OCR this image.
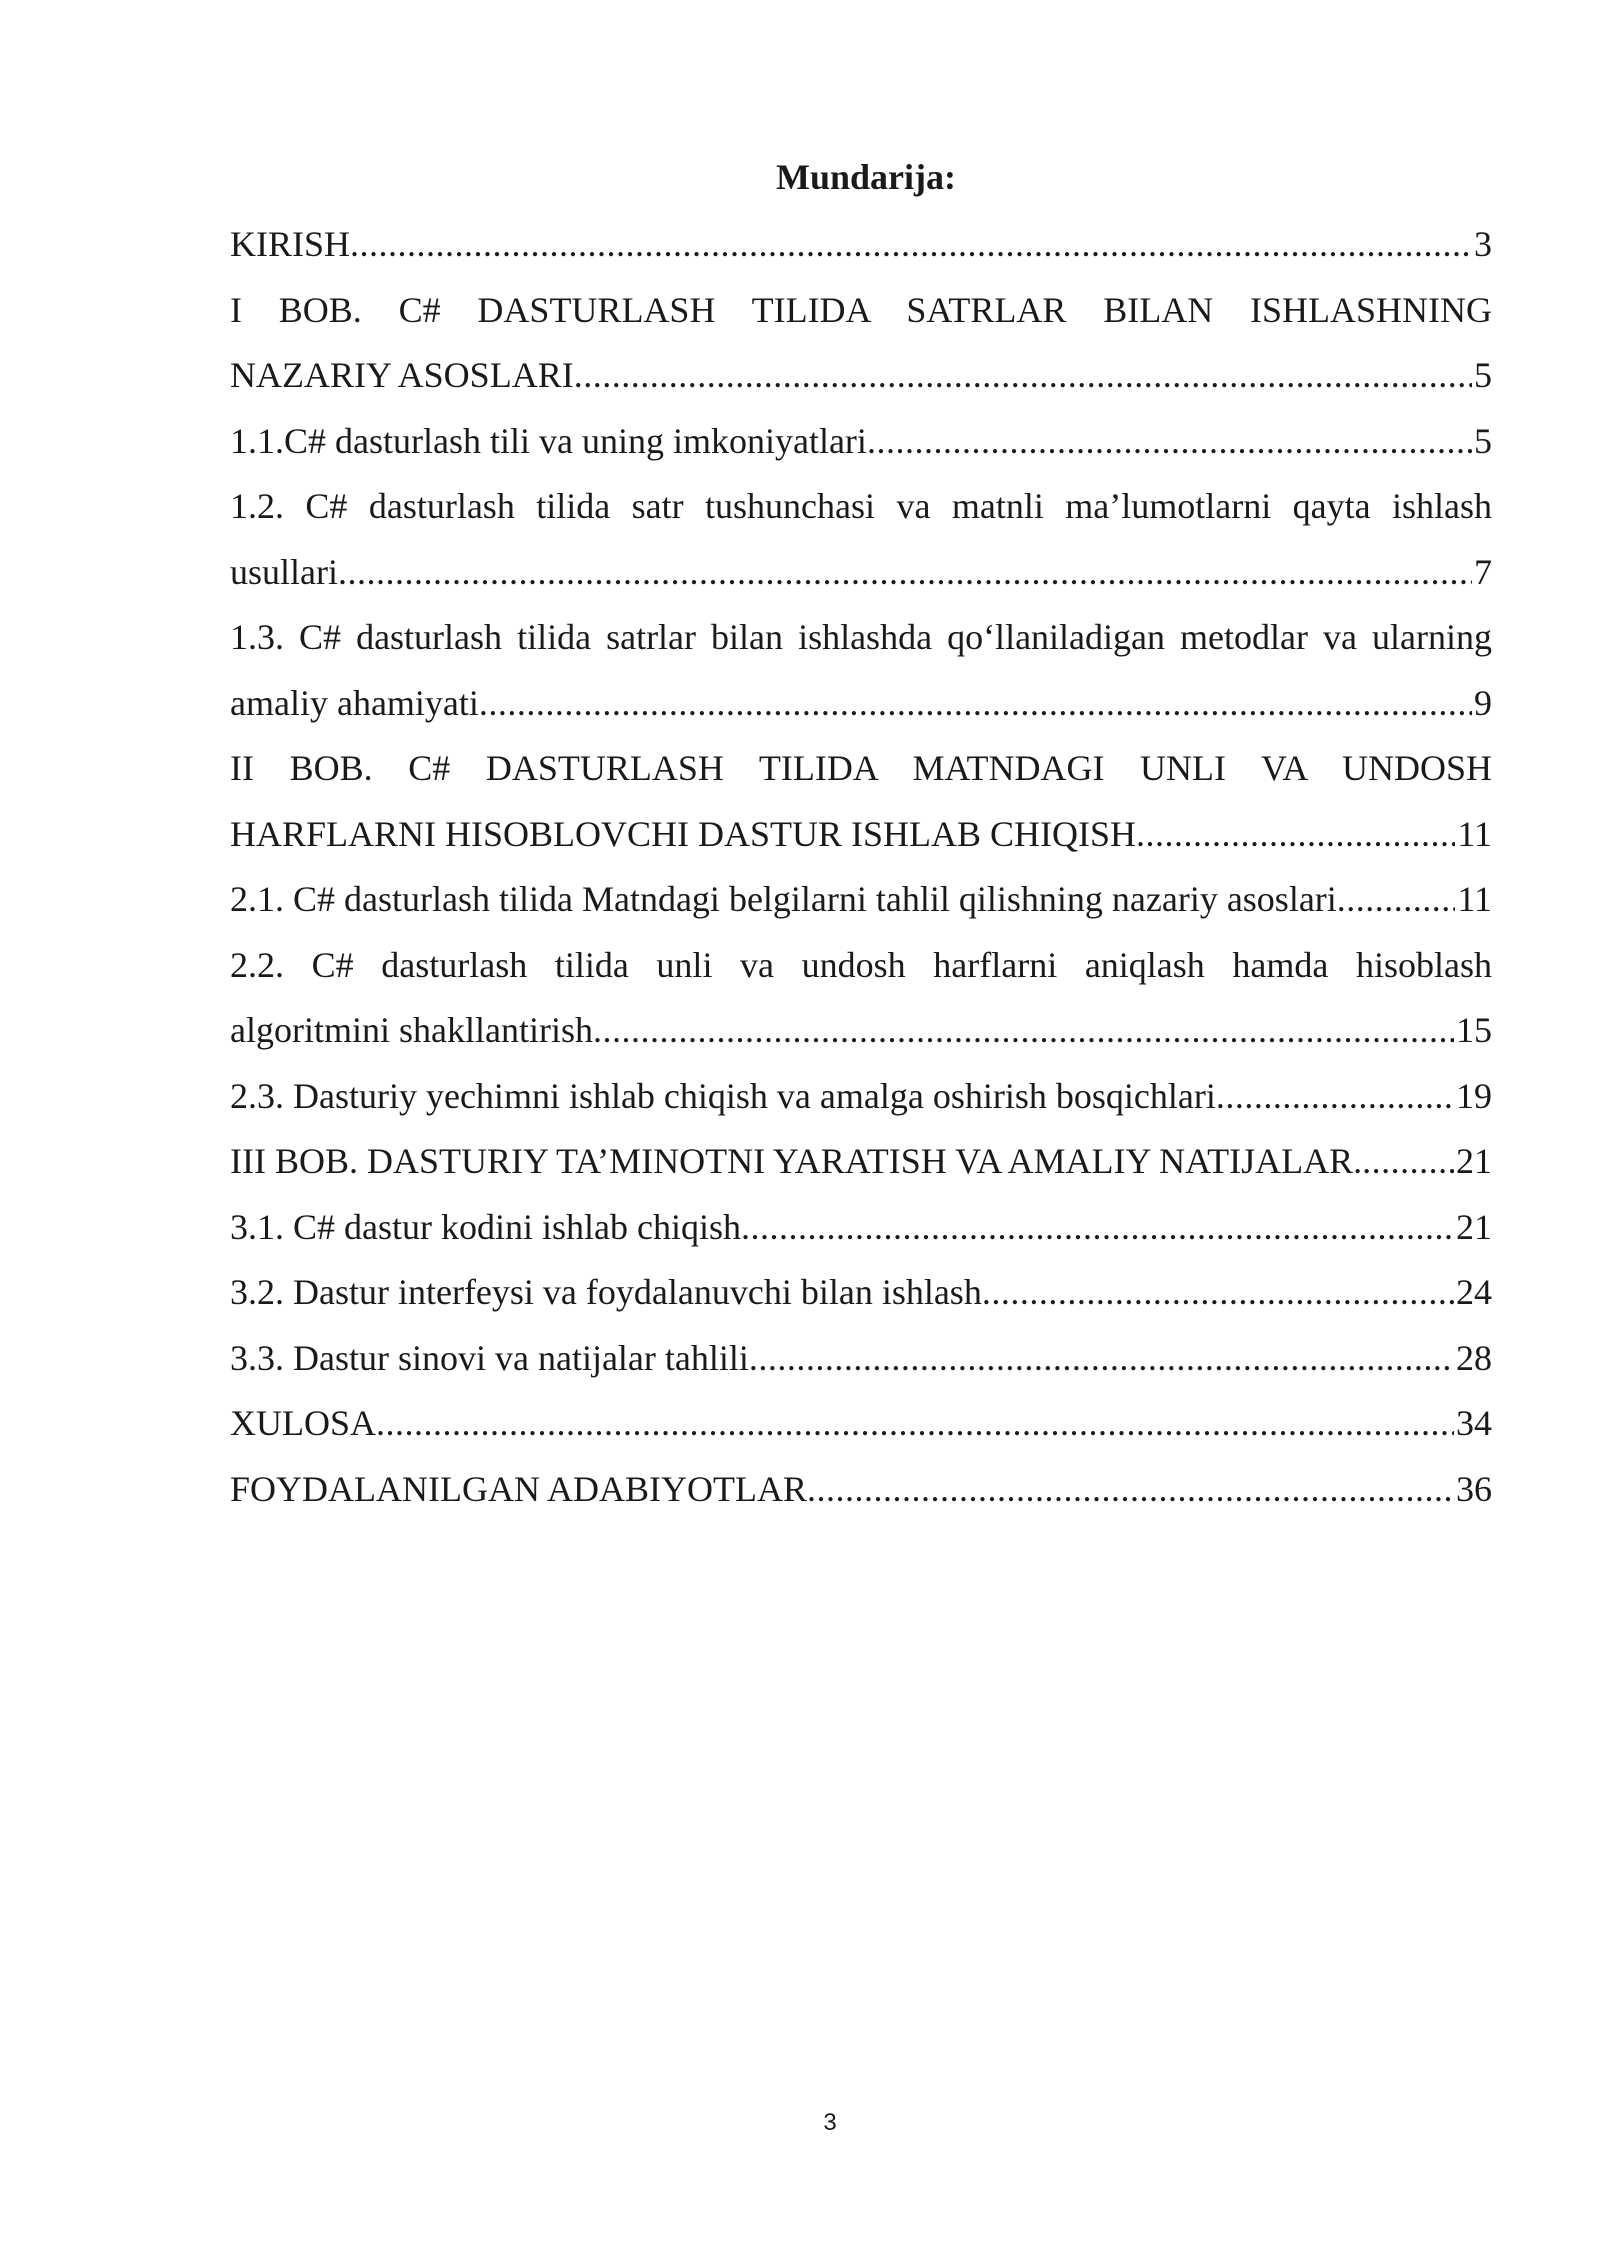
Mundarija:
KIRISH .....	3
I BOB. C# DASTURLASH TILIDA SATRLAR BILAN ISHLASHNING
NAZARIY ASOSLARI .....	5
1.1.C# dasturlash tili va uning imkoniyatlari .....	5
1.2. C# dasturlash tilida satr tushunchasi va matnli ma’lumotlarni qayta ishlash
usullari .....	7
1.3. C# dasturlash tilida satrlar bilan ishlashda qo‘llaniladigan metodlar va ularning
amaliy ahamiyati .....	9
II BOB. C# DASTURLASH TILIDA MATNDAGI UNLI VA UNDOSH
HARFLARNI HISOBLOVCHI DASTUR ISHLAB CHIQISH .....	11
2.1. C# dasturlash tilida Matndagi belgilarni tahlil qilishning nazariy asoslari .....	11
2.2. C# dasturlash tilida unli va undosh harflarni aniqlash hamda hisoblash
algoritmini shakllantirish .....	15
2.3. Dasturiy yechimni ishlab chiqish va amalga oshirish bosqichlari .....	19
III BOB. DASTURIY TA’MINOTNI YARATISH VA AMALIY NATIJALAR. .....	21
3.1. C# dastur kodini ishlab chiqish .....	21
3.2. Dastur interfeysi va foydalanuvchi bilan ishlash .....	24
3.3. Dastur sinovi va natijalar tahlili .....	28
XULOSA .....	34
FOYDALANILGAN ADABIYOTLAR .....	36
3
